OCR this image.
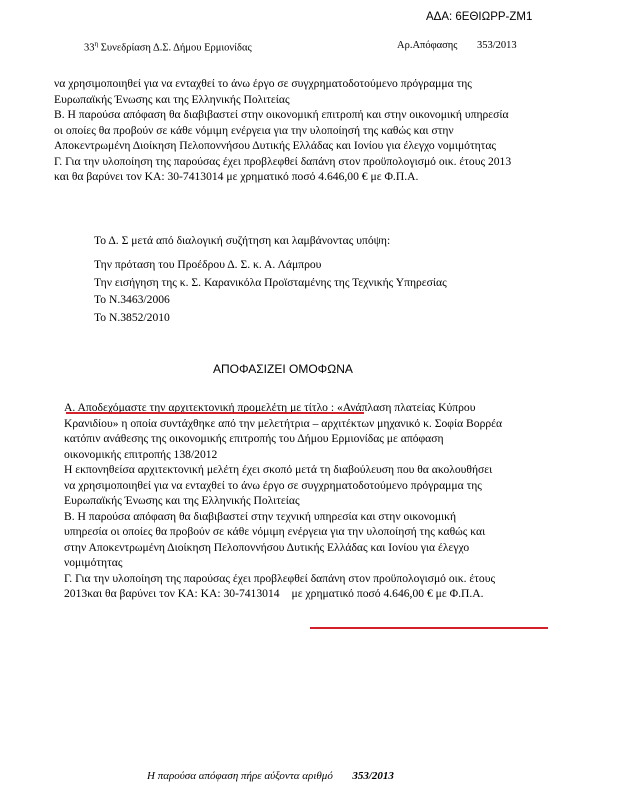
ΑΔΑ: 6ΕΘΙΩΡΡ-ΖΜ1
$33^\eta$ Συνεδρίαση Δ.Σ. Δήμου Ερμιονίδας	Αρ.Απόφασης 353/2013
να χρησιμοποιηθεί για να ενταχθεί το άνω έργο σε συγχρηματοδοτούμενο πρόγραμμα της
Ευρωπαϊκής Ένωσης και της Ελληνικής Πολιτείας
Β. Η παρούσα απόφαση θα διαβιβαστεί στην οικονομική επιτροπή και στην οικονομική υπηρεσία
οι οποίες θα προβούν σε κάθε νόμιμη ενέργεια για την υλοποίησή της καθώς και στην
Αποκεντρωμένη Διοίκηση Πελοποννήσου Δυτικής Ελλάδας και Ιονίου για έλεγχο νομιμότητας
Γ. Για την υλοποίηση της παρούσας έχει προβλεφθεί δαπάνη στον προϋπολογισμό οικ. έτους 2013
και θα βαρύνει τον ΚΑ: 30-7413014 με χρηματικό ποσό 4.646,00 € με Φ.Π.Α.
Το Δ. Σ μετά από διαλογική συζήτηση και λαμβάνοντας υπόψη:
Την πρόταση του Προέδρου Δ. Σ. κ. Α. Λάμπρου
Την εισήγηση της κ. Σ. Καρανικόλα Προϊσταμένης της Τεχνικής Υπηρεσίας
Το Ν.3463/2006
Το Ν.3852/2010
ΑΠΟΦΑΣΙΖΕΙ ΟΜΟΦΩΝΑ
Α. Αποδεχόμαστε την αρχιτεκτονική προμελέτη με τίτλο : «Ανάπλαση πλατείας Κύπρου
Κρανιδίου» η οποία συντάχθηκε από την μελετήτρια – αρχιτέκτων μηχανικό κ. Σοφία Βορρέα
κατόπιν ανάθεσης της οικονομικής επιτροπής του Δήμου Ερμιονίδας με απόφαση
οικονομικής επιτροπής 138/2012
Η εκπονηθείσα αρχιτεκτονική μελέτη έχει σκοπό μετά τη διαβούλευση που θα ακολουθήσει
να χρησιμοποιηθεί για να ενταχθεί το άνω έργο σε συγχρηματοδοτούμενο πρόγραμμα της
Ευρωπαϊκής Ένωσης και της Ελληνικής Πολιτείας
Β. Η παρούσα απόφαση θα διαβιβαστεί στην τεχνική υπηρεσία και στην οικονομική
υπηρεσία οι οποίες θα προβούν σε κάθε νόμιμη ενέργεια για την υλοποίησή της καθώς και
στην Αποκεντρωμένη Διοίκηση Πελοποννήσου Δυτικής Ελλάδας και Ιονίου για έλεγχο
νομιμότητας
Γ. Για την υλοποίηση της παρούσας έχει προβλεφθεί δαπάνη στον προϋπολογισμό οικ. έτους
2013και θα βαρύνει τον ΚΑ: ΚΑ: 30-7413014 με χρηματικό ποσό 4.646,00 € με Φ.Π.Α.
Η παρούσα απόφαση πήρε αύξοντα αριθμό 353/2013
